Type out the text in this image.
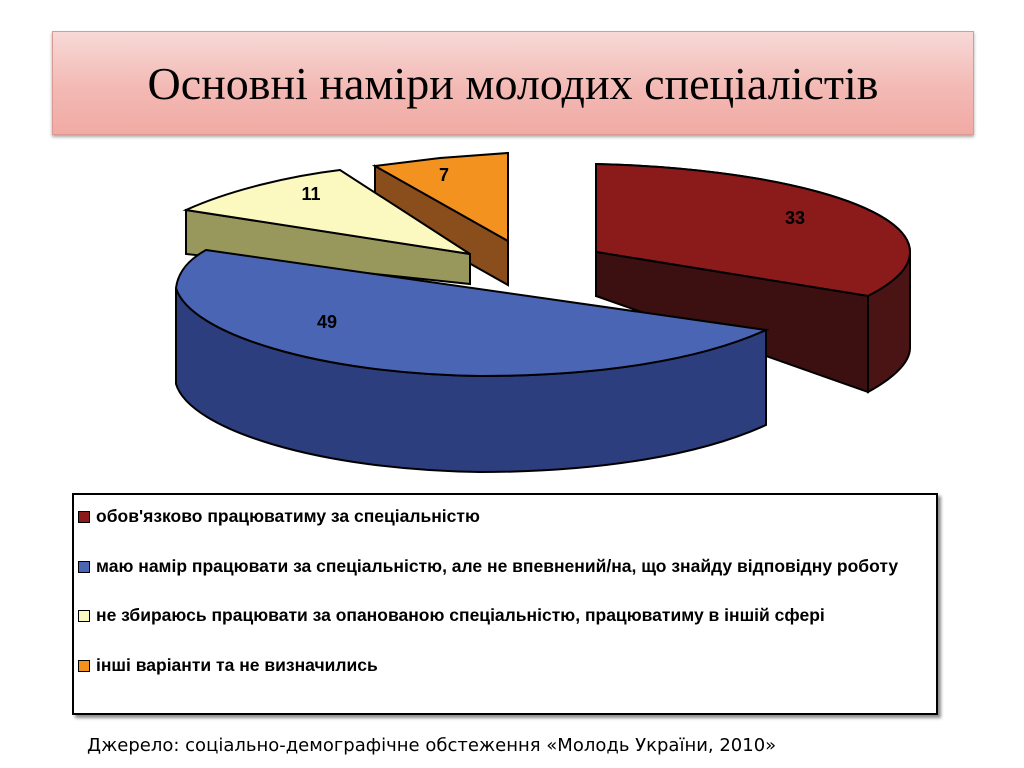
Основні наміри молодих спеціалістів
33
49
11
7
обов'язково працюватиму за спеціальністю
маю намір працювати за спеціальністю, але не впевнений/на, що знайду відповідну роботу
не збираюсь працювати за опанованою спеціальністю, працюватиму в іншій сфері
інші варіанти та не визначились
Джерело: соціально-демографічне обстеження «Молодь України, 2010»
